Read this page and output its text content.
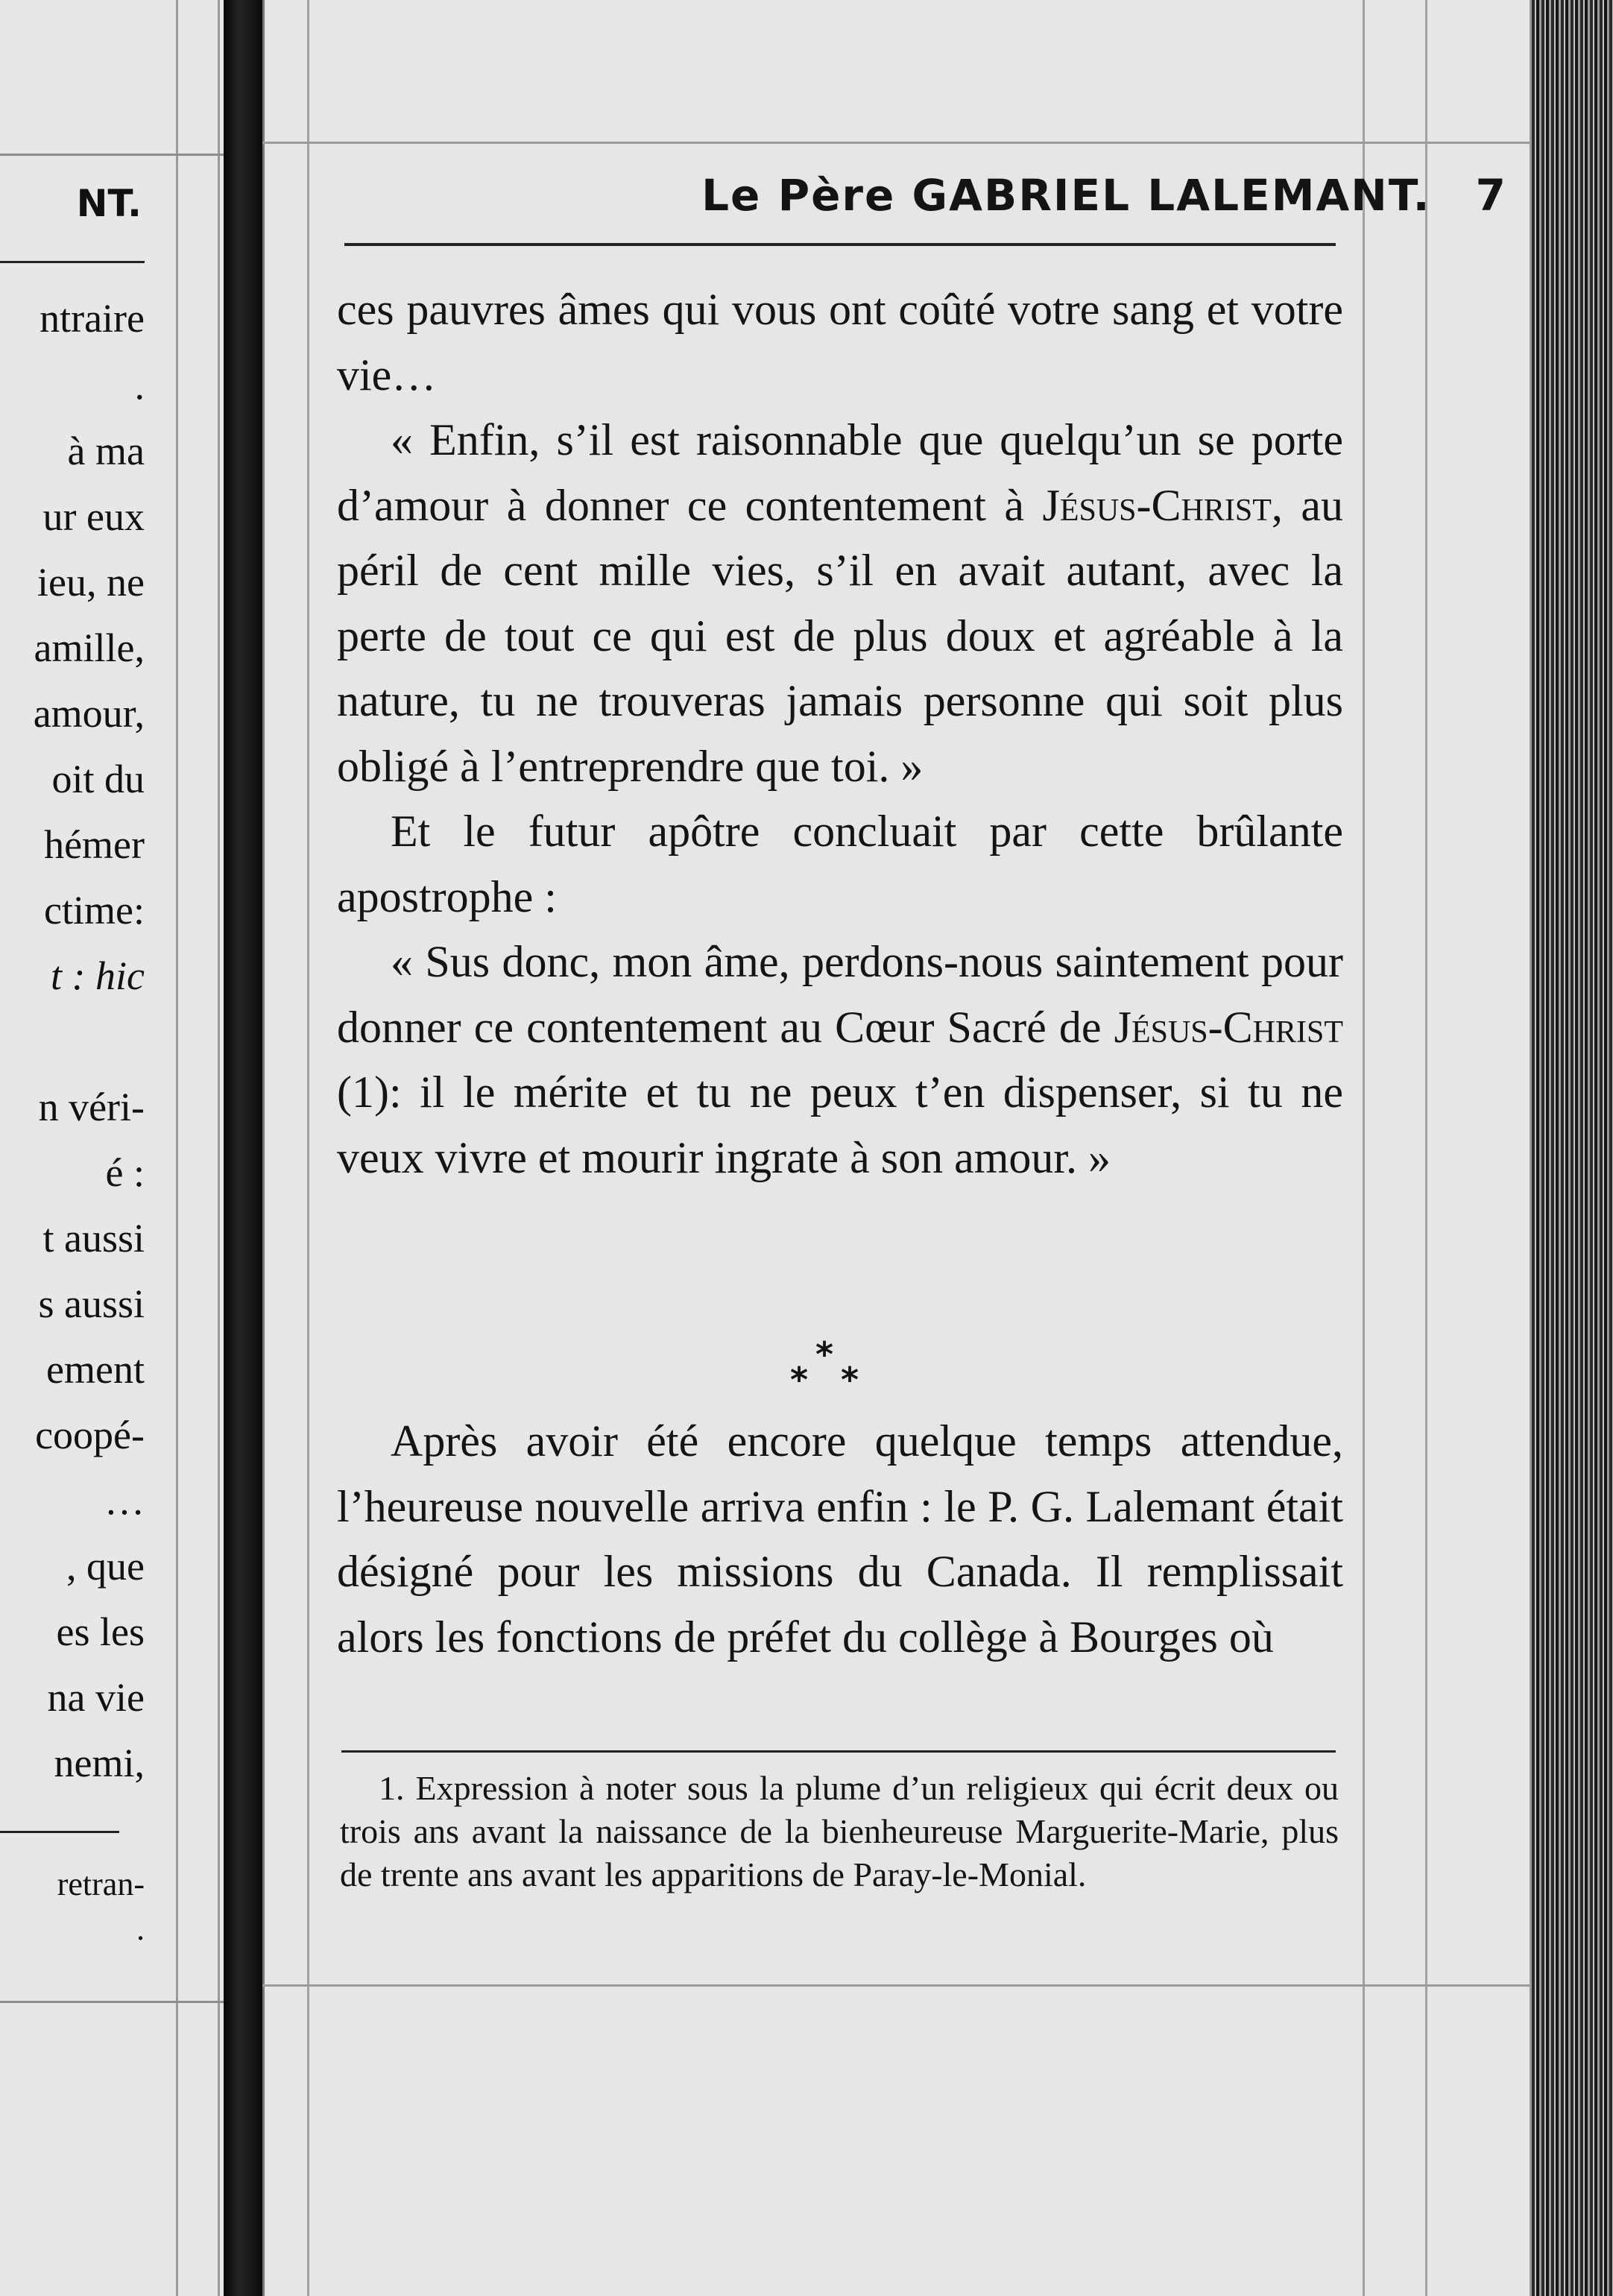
NT.
ntraire
.
à ma
ur eux
ieu, ne
amille,
amour,
oit du
hémer
ctime:
t : hic
n véri-
é :
t aussi
s aussi
ement
coopé-
…
, que
es les
na vie
nemi,
retran-
.
Le Père GABRIEL LALEMANT. 7

ces pauvres âmes qui vous ont coûté votre sang et votre vie…

« Enfin, s’il est raisonnable que quelqu’un se porte d’amour à donner ce contentement à Jésus-Christ, au péril de cent mille vies, s’il en avait autant, avec la perte de tout ce qui est de plus doux et agréable à la nature, tu ne trouveras jamais personne qui soit plus obligé à l’entreprendre que toi. »

Et le futur apôtre concluait par cette brûlante apostrophe :

« Sus donc, mon âme, perdons-nous saintement pour donner ce contentement au Cœur Sacré de Jésus-Christ (1): il le mérite et tu ne peux t’en dispenser, si tu ne veux vivre et mourir ingrate à son amour. »

*
* *

Après avoir été encore quelque temps attendue, l’heureuse nouvelle arriva enfin : le P. G. Lalemant était désigné pour les missions du Canada. Il remplissait alors les fonctions de préfet du collège à Bourges où

1. Expression à noter sous la plume d’un religieux qui écrit deux ou trois ans avant la naissance de la bienheureuse Marguerite-Marie, plus de trente ans avant les apparitions de Paray-le-Monial.
